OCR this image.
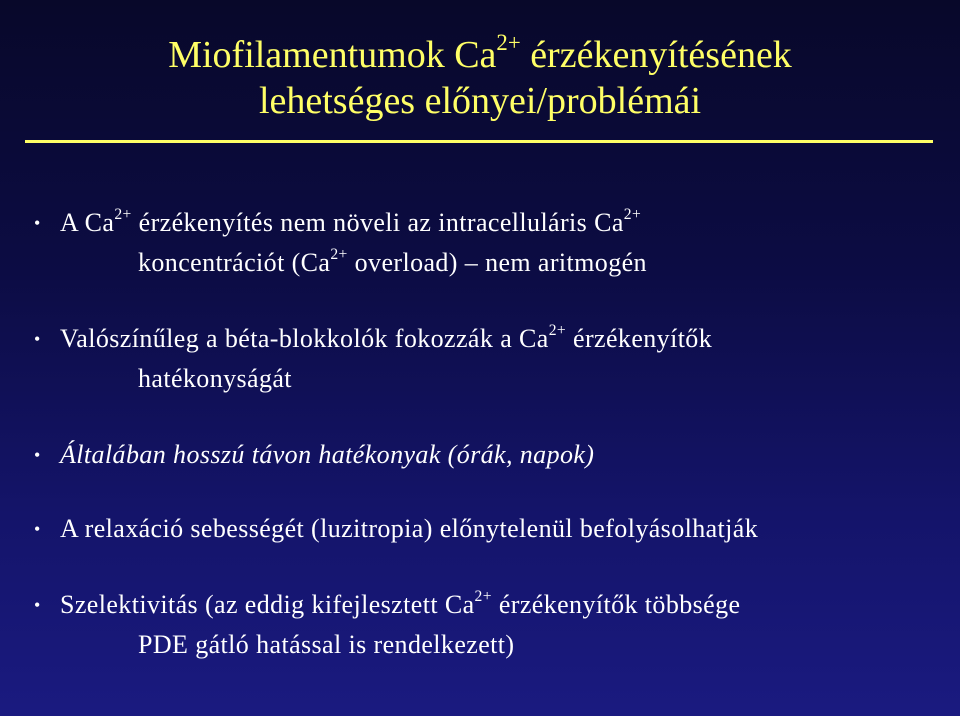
Miofilamentumok $Ca^{2+}$ érzékenyítésének
lehetséges előnyei/problémái
• A $Ca^{2+}$ érzékenyítés nem növeli az intracelluláris $Ca^{2+}$
koncentrációt ($Ca^{2+}$ overload) – nem aritmogén
• Valószínűleg a béta-blokkolók fokozzák a $Ca^{2+}$ érzékenyítők
hatékonyságát
• Általában hosszú távon hatékonyak (órák, napok)
• A relaxáció sebességét (luzitropia) előnytelenül befolyásolhatják
• Szelektivitás (az eddig kifejlesztett $Ca^{2+}$ érzékenyítők többsége
PDE gátló hatással is rendelkezett)
